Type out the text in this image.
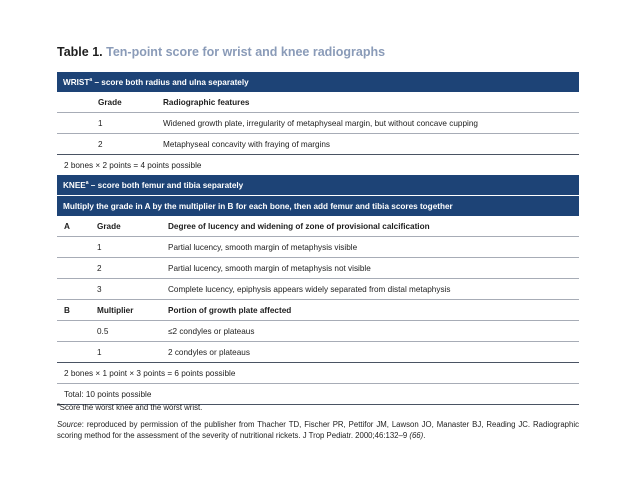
Table 1. Ten-point score for wrist and knee radiographs
WRIST$^a$ – score both radius and ulna separately
Grade	Radiographic features
1	Widened growth plate, irregularity of metaphyseal margin, but without concave cupping
2	Metaphyseal concavity with fraying of margins
2 bones × 2 points = 4 points possible
KNEE$^a$ – score both femur and tibia separately
Multiply the grade in A by the multiplier in B for each bone, then add femur and tibia scores together
A	Grade	Degree of lucency and widening of zone of provisional calcification
1	Partial lucency, smooth margin of metaphysis visible
2	Partial lucency, smooth margin of metaphysis not visible
3	Complete lucency, epiphysis appears widely separated from distal metaphysis
B	Multiplier	Portion of growth plate affected
0.5	≤2 condyles or plateaus
1	2 condyles or plateaus
2 bones × 1 point × 3 points = 6 points possible
Total: 10 points possible
$^a$Score the worst knee and the worst wrist.
Source: reproduced by permission of the publisher from Thacher TD, Fischer PR, Pettifor JM, Lawson JO, Manaster BJ, Reading JC. Radiographic scoring method for the assessment of the severity of nutritional rickets. J Trop Pediatr. 2000;46:132–9 (66).
